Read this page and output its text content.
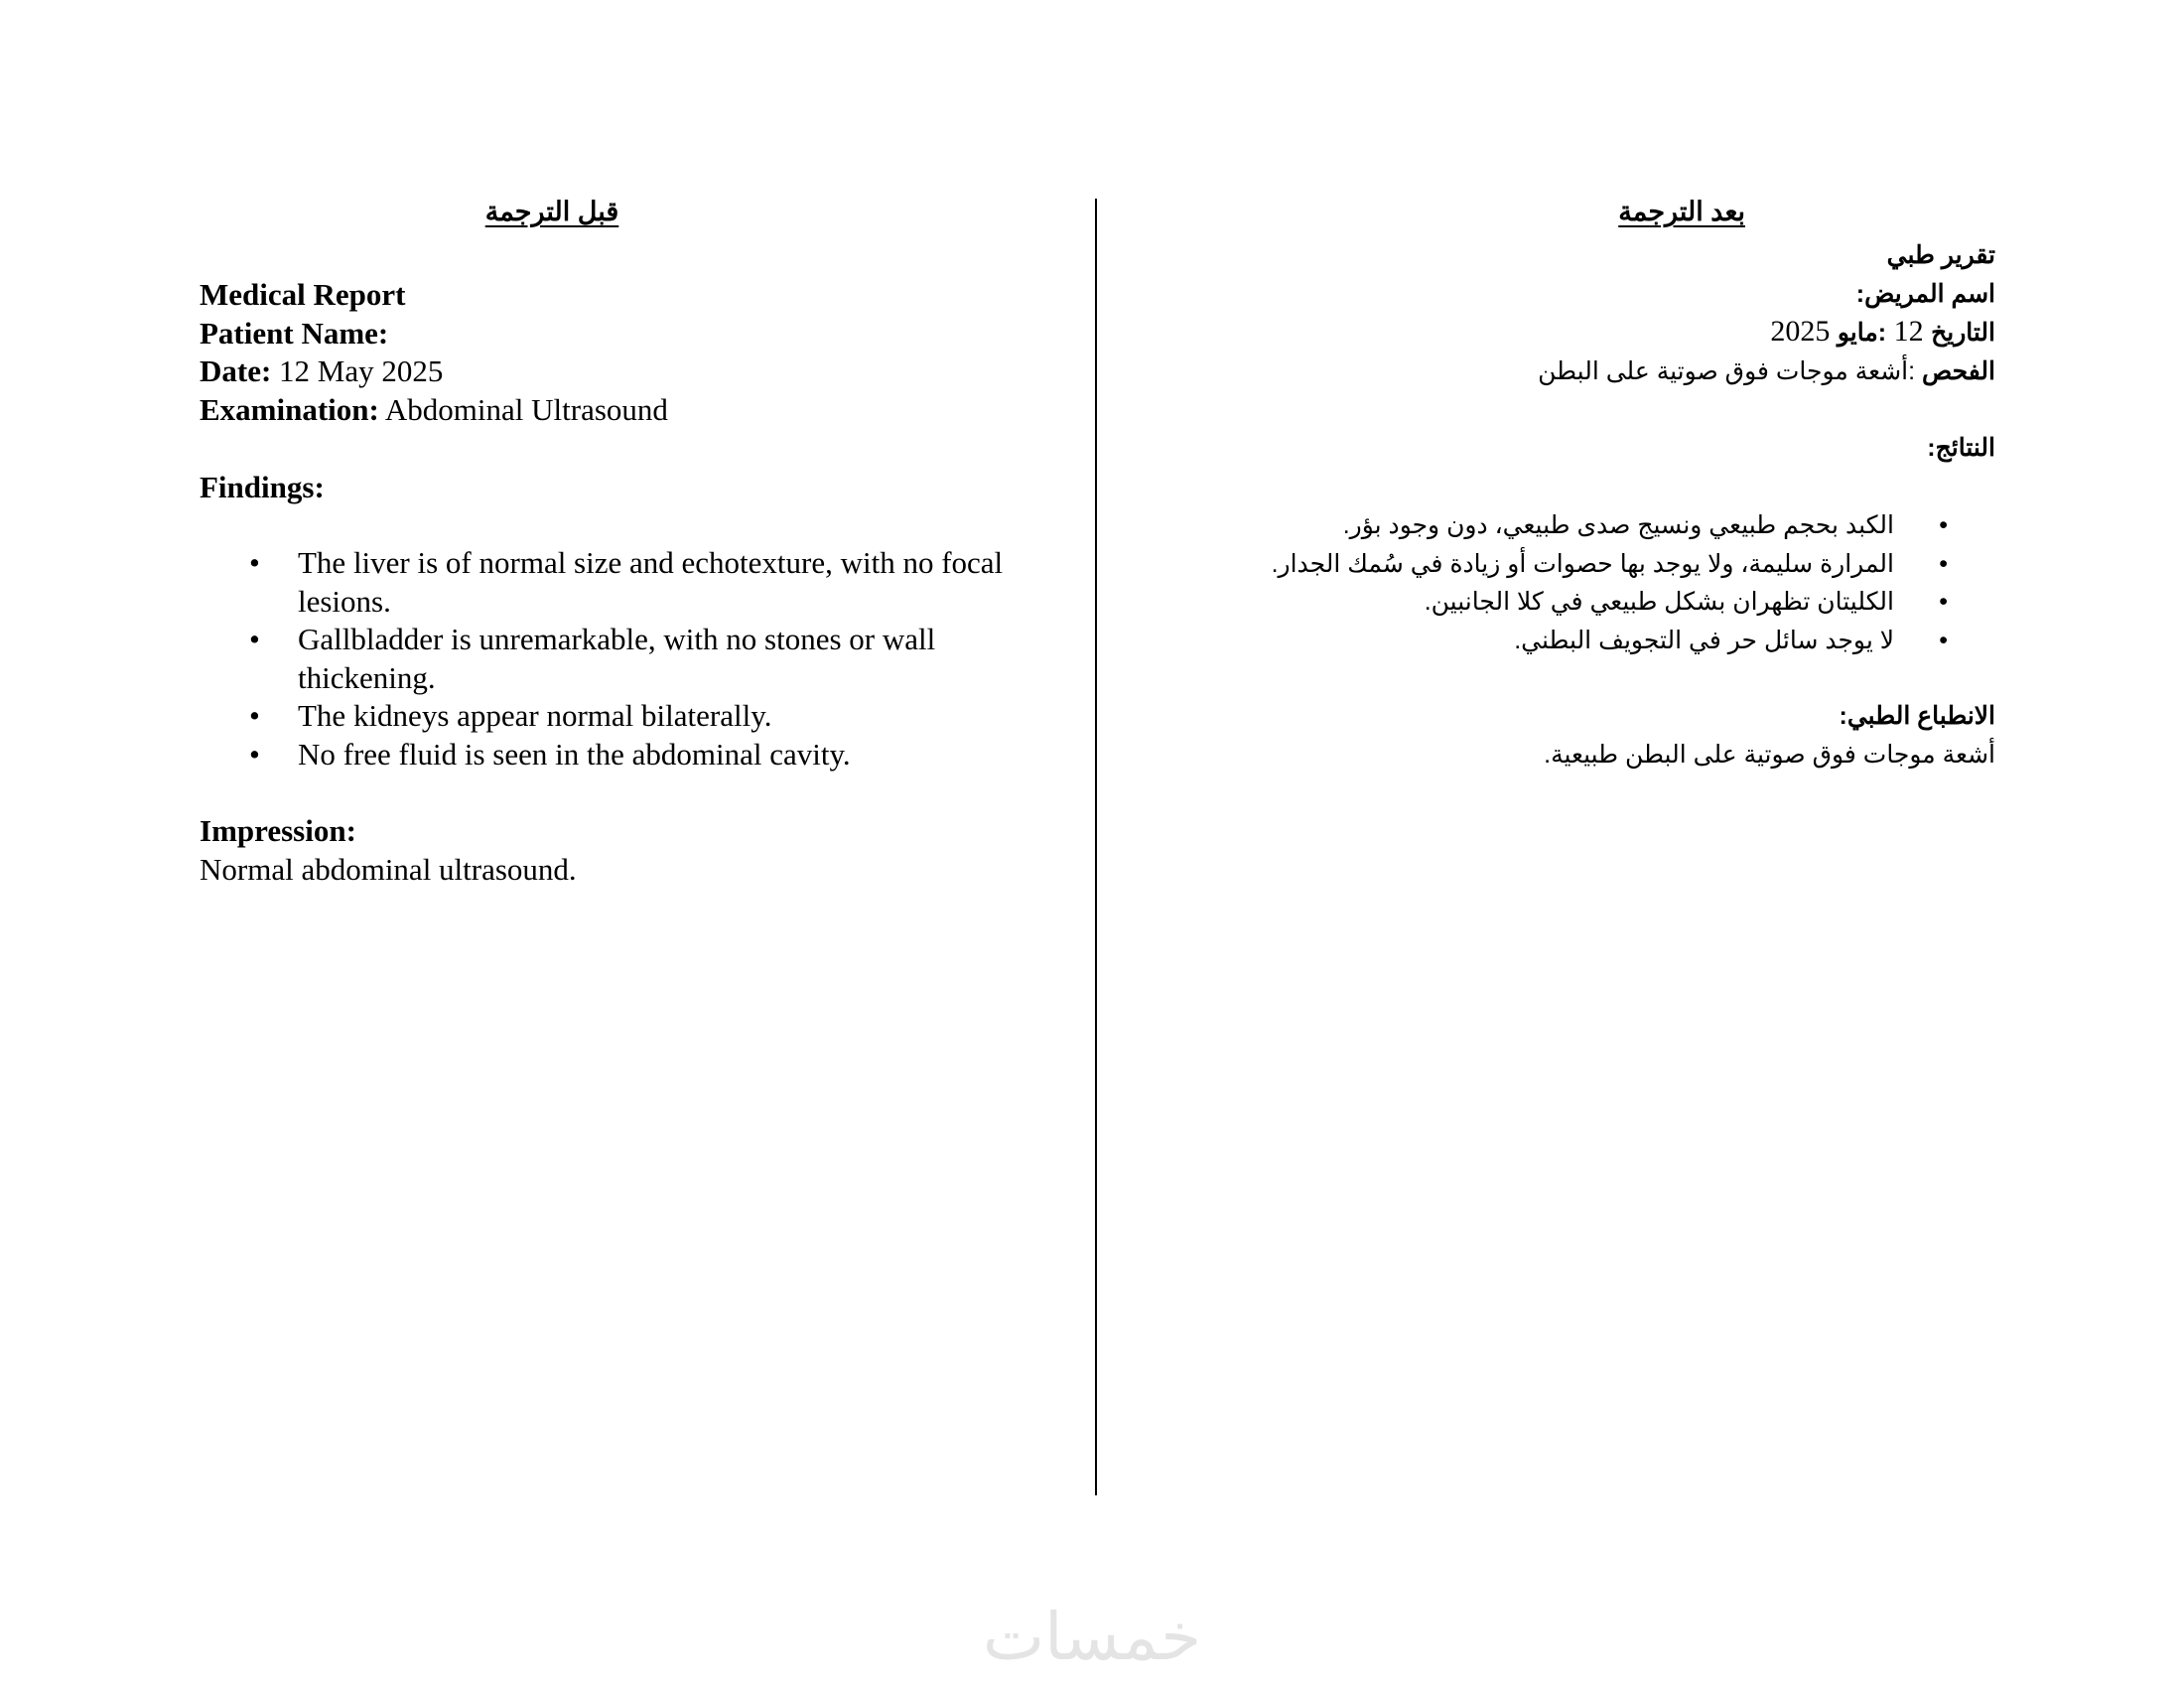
قبل الترجمة
Medical Report
Patient Name:
Date: 12 May 2025
Examination: Abdominal Ultrasound
Findings:
• The liver is of normal size and echotexture, with no focal lesions.
• Gallbladder is unremarkable, with no stones or wall thickening.
• The kidneys appear normal bilaterally.
• No free fluid is seen in the abdominal cavity.
Impression:
Normal abdominal ultrasound.
بعد الترجمة
تقرير طبي
اسم المريض:
التاريخ 12 :مايو 2025
الفحص :أشعة موجات فوق صوتية على البطن
النتائج:
•
الكبد بحجم طبيعي ونسيج صدى طبيعي، دون وجود بؤر.
•
المرارة سليمة، ولا يوجد بها حصوات أو زيادة في سُمك الجدار.
•
الكليتان تظهران بشكل طبيعي في كلا الجانبين.
•
لا يوجد سائل حر في التجويف البطني.
الانطباع الطبي:
أشعة موجات فوق صوتية على البطن طبيعية.
خمسات
